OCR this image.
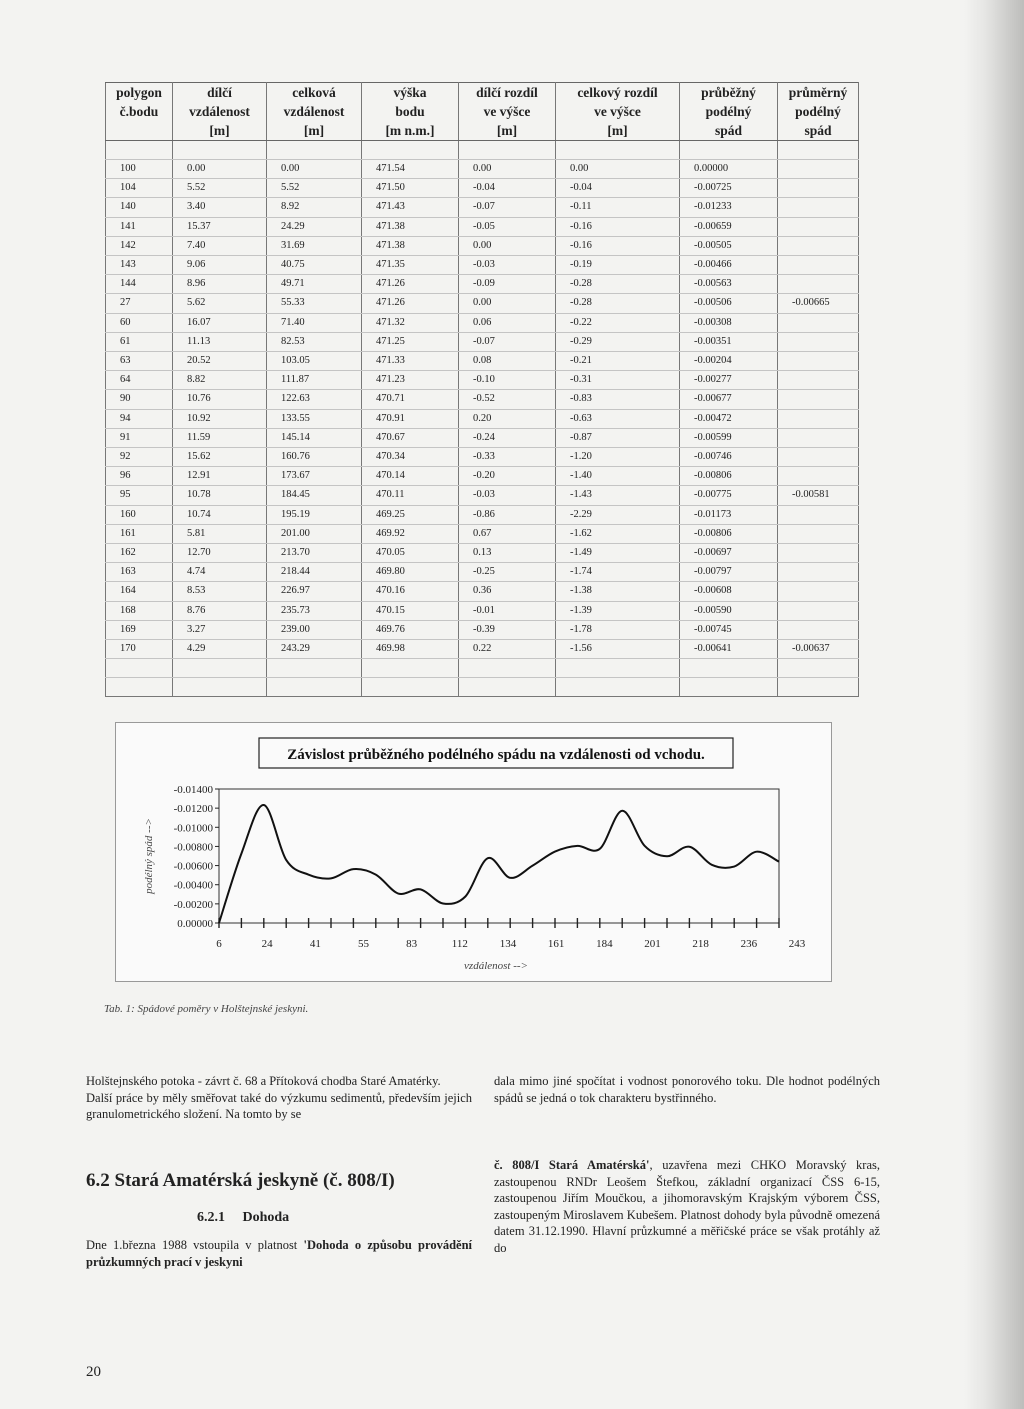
polygon	dílčí	celková	výška	dílčí rozdíl	celkový rozdíl	průběžný	průměrný
č.bodu	vzdálenost	vzdálenost	bodu	ve výšce	ve výšce	podélný	podélný
	[m]	[m]	[m n.m.]	[m]	[m]	spád	spád

100	0.00	0.00	471.54	0.00	0.00	0.00000	
104	5.52	5.52	471.50	-0.04	-0.04	-0.00725	
140	3.40	8.92	471.43	-0.07	-0.11	-0.01233	
141	15.37	24.29	471.38	-0.05	-0.16	-0.00659	
142	7.40	31.69	471.38	0.00	-0.16	-0.00505	
143	9.06	40.75	471.35	-0.03	-0.19	-0.00466	
144	8.96	49.71	471.26	-0.09	-0.28	-0.00563	
27	5.62	55.33	471.26	0.00	-0.28	-0.00506	-0.00665
60	16.07	71.40	471.32	0.06	-0.22	-0.00308	
61	11.13	82.53	471.25	-0.07	-0.29	-0.00351	
63	20.52	103.05	471.33	0.08	-0.21	-0.00204	
64	8.82	111.87	471.23	-0.10	-0.31	-0.00277	
90	10.76	122.63	470.71	-0.52	-0.83	-0.00677	
94	10.92	133.55	470.91	0.20	-0.63	-0.00472	
91	11.59	145.14	470.67	-0.24	-0.87	-0.00599	
92	15.62	160.76	470.34	-0.33	-1.20	-0.00746	
96	12.91	173.67	470.14	-0.20	-1.40	-0.00806	
95	10.78	184.45	470.11	-0.03	-1.43	-0.00775	-0.00581
160	10.74	195.19	469.25	-0.86	-2.29	-0.01173	
161	5.81	201.00	469.92	0.67	-1.62	-0.00806	
162	12.70	213.70	470.05	0.13	-1.49	-0.00697	
163	4.74	218.44	469.80	-0.25	-1.74	-0.00797	
164	8.53	226.97	470.16	0.36	-1.38	-0.00608	
168	8.76	235.73	470.15	-0.01	-1.39	-0.00590	
169	3.27	239.00	469.76	-0.39	-1.78	-0.00745	
170	4.29	243.29	469.98	0.22	-1.56	-0.00641	-0.00637

Závislost průběžného podélného spádu na vzdálenosti od vchodu.
-0.01400
-0.01200
-0.01000
-0.00800
-0.00600
-0.00400
-0.00200
0.00000
6	24	41	55	83	112	134	161	184	201	218	236	243
vzdálenost -->
podélný spád -->
Tab. 1: Spádové poměry v Holštejnské jeskyni.

Holštejnského potoka - závrt č. 68 a Přítoková chodba Staré Amatérky.

Další práce by měly směřovat také do výzkumu sedimentů, především jejich granulometrického složení. Na tomto by se

dala mimo jiné spočítat i vodnost ponorového toku. Dle hodnot podélných spádů se jedná o tok charakteru bystřinného.

č. 808/I Stará Amatérská', uzavřena mezi CHKO Moravský kras, zastoupenou RNDr Leošem Štefkou, základní organizací ČSS 6-15, zastoupenou Jiřím Moučkou, a jihomoravským Krajským výborem ČSS, zastoupeným Miroslavem Kubešem. Platnost dohody byla původně omezená datem 31.12.1990. Hlavní průzkumné a měřičské práce se však protáhly až do

6.2 Stará Amatérská jeskyně (č. 808/I)
6.2.1     Dohoda

Dne 1.března 1988 vstoupila v platnost 'Dohoda o způsobu provádění průzkumných prací v jeskyni

20
